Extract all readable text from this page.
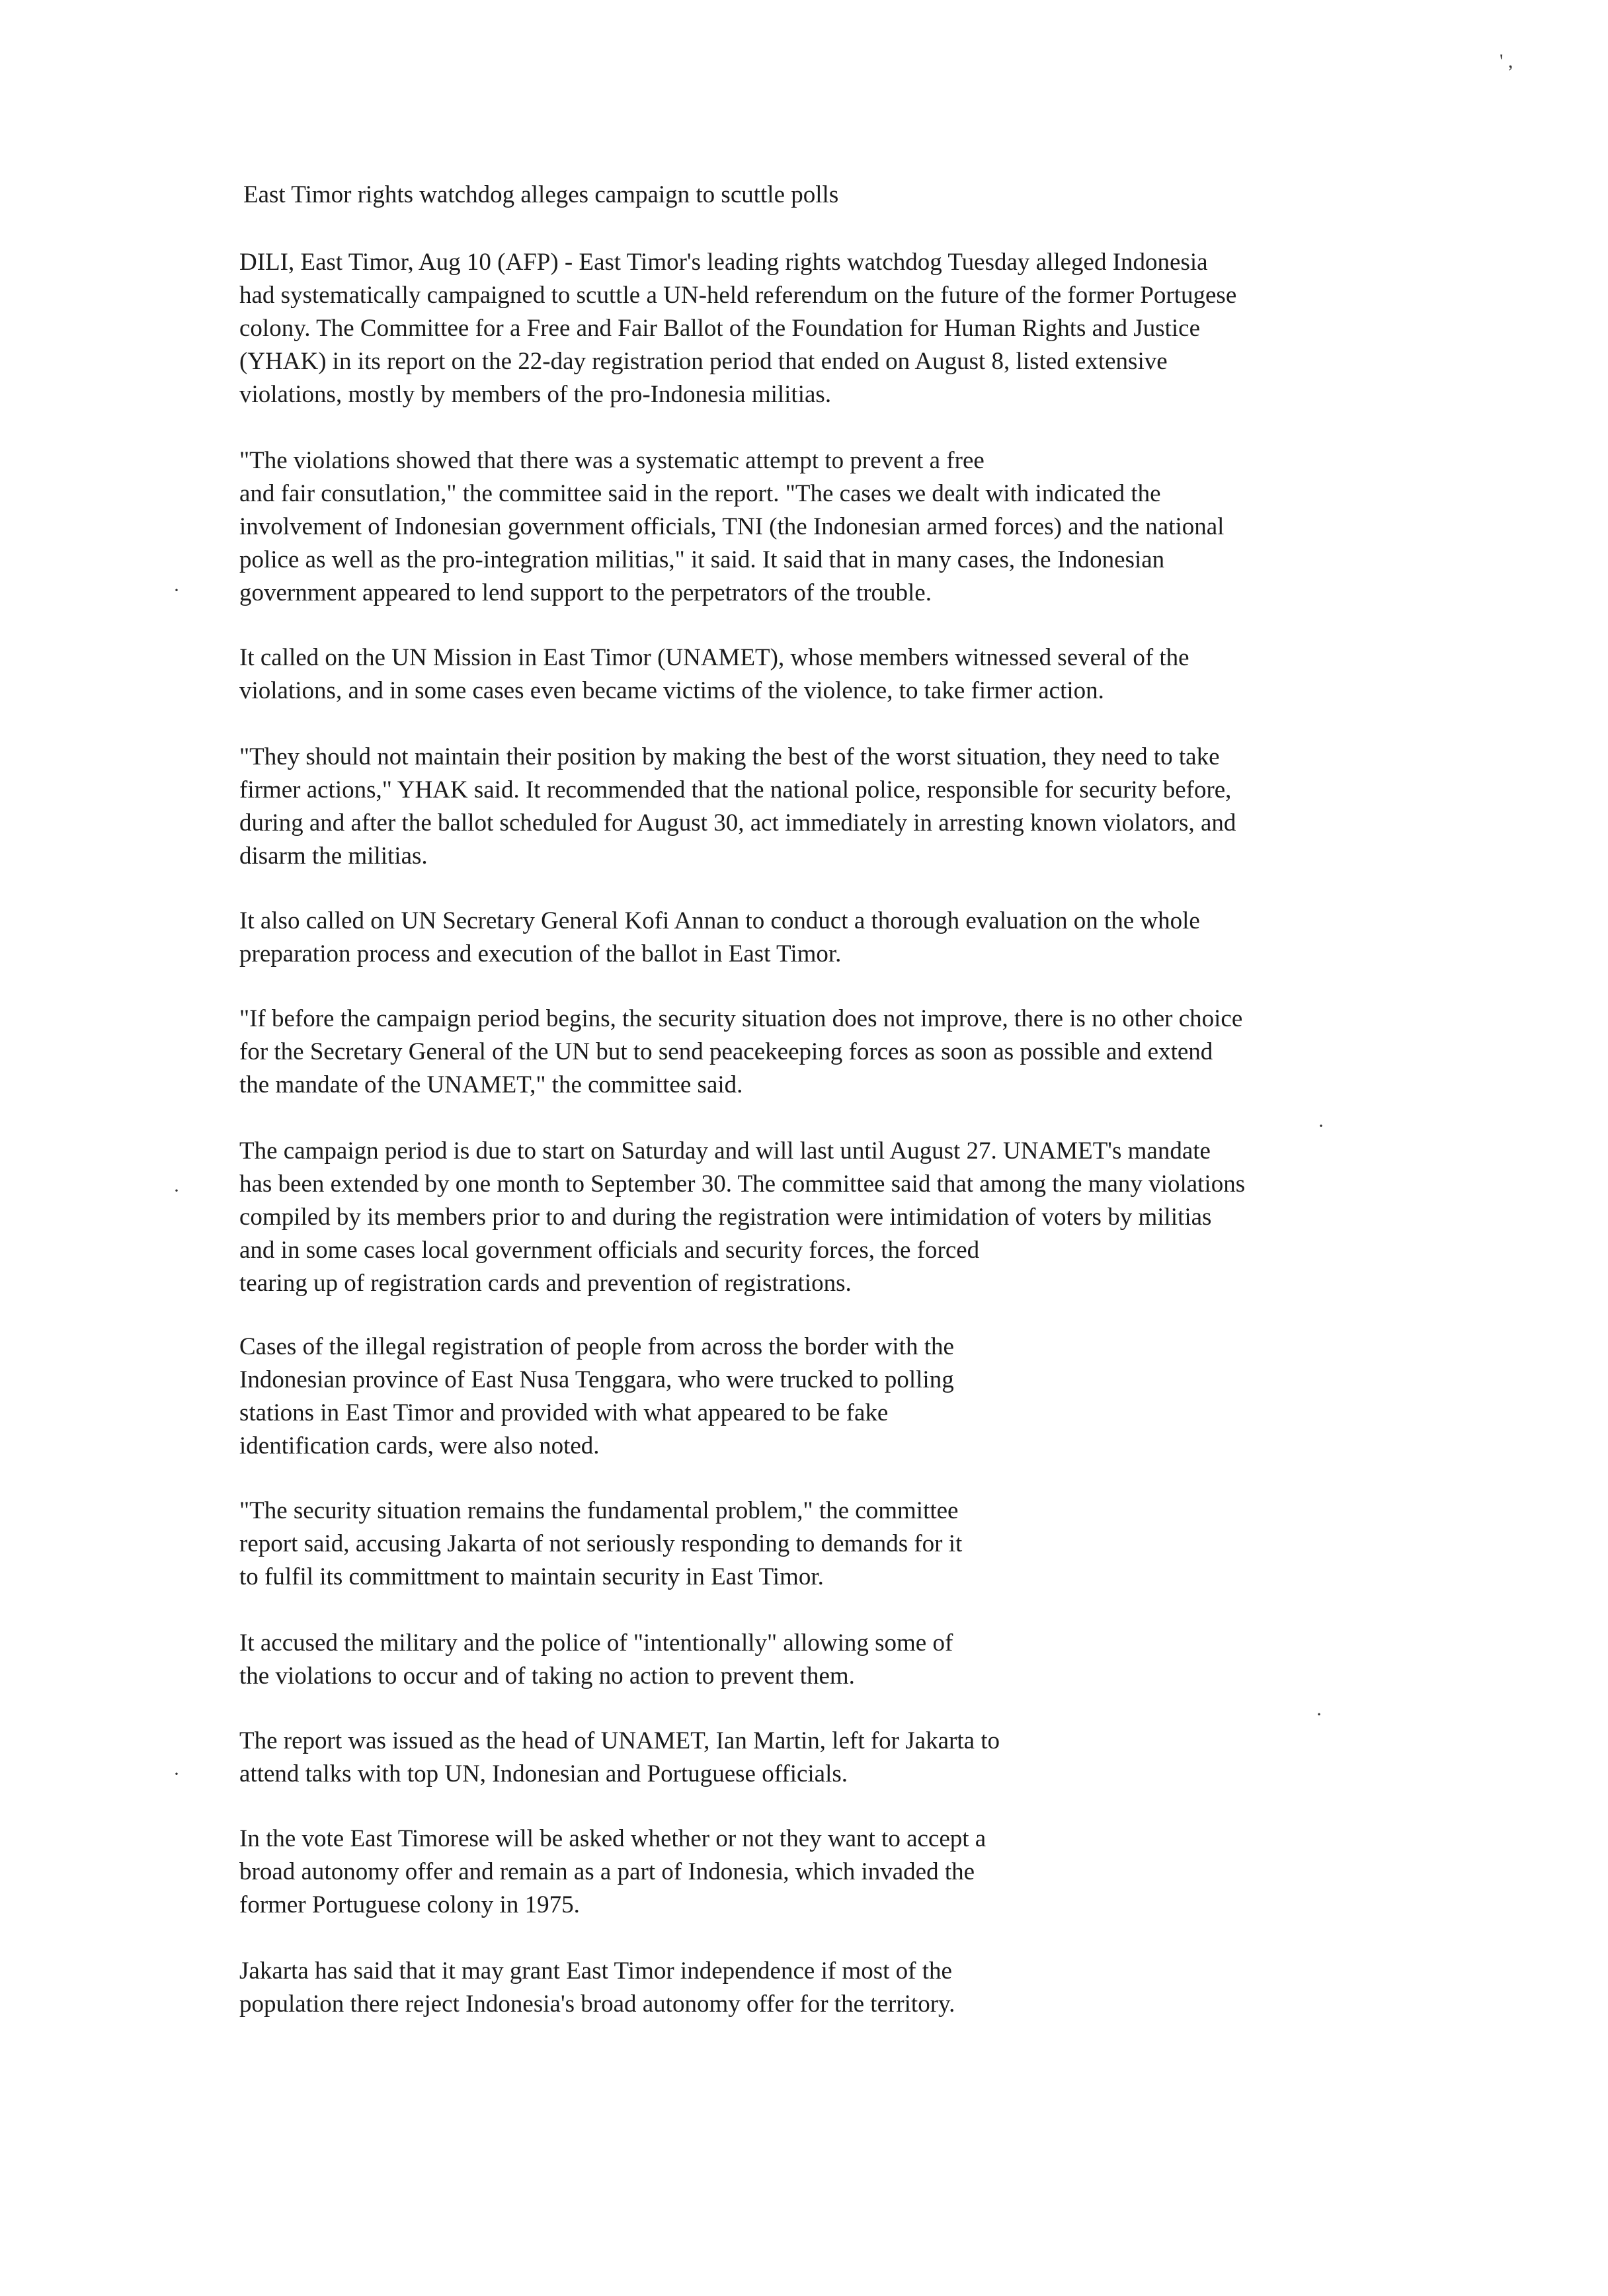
' ,
·
·
·
·
·
East Timor rights watchdog alleges campaign to scuttle polls
DILI, East Timor, Aug 10 (AFP) - East Timor's leading rights watchdog Tuesday alleged Indonesia
had systematically campaigned to scuttle a UN-held referendum on the future of the former Portugese
colony. The Committee for a Free and Fair Ballot of the Foundation for Human Rights and Justice
(YHAK) in its report on the 22-day registration period that ended on August 8, listed extensive
violations, mostly by members of the pro-Indonesia militias.
"The violations showed that there was a systematic attempt to prevent a free
and fair consutlation," the committee said in the report. "The cases we dealt with indicated the
involvement of Indonesian government officials, TNI (the Indonesian armed forces) and the national
police as well as the pro-integration militias," it said. It said that in many cases, the Indonesian
government appeared to lend support to the perpetrators of the trouble.
It called on the UN Mission in East Timor (UNAMET), whose members witnessed several of the
violations, and in some cases even became victims of the violence, to take firmer action.
"They should not maintain their position by making the best of the worst situation, they need to take
firmer actions," YHAK said. It recommended that the national police, responsible for security before,
during and after the ballot scheduled for August 30, act immediately in arresting known violators, and
disarm the militias.
It also called on UN Secretary General Kofi Annan to conduct a thorough evaluation on the whole
preparation process and execution of the ballot in East Timor.
"If before the campaign period begins, the security situation does not improve, there is no other choice
for the Secretary General of the UN but to send peacekeeping forces as soon as possible and extend
the mandate of the UNAMET," the committee said.
The campaign period is due to start on Saturday and will last until August 27. UNAMET's mandate
has been extended by one month to September 30. The committee said that among the many violations
compiled by its members prior to and during the registration were intimidation of voters by militias
and in some cases local government officials and security forces, the forced
tearing up of registration cards and prevention of registrations.
Cases of the illegal registration of people from across the border with the
Indonesian province of East Nusa Tenggara, who were trucked to polling
stations in East Timor and provided with what appeared to be fake
identification cards, were also noted.
"The security situation remains the fundamental problem," the committee
report said, accusing Jakarta of not seriously responding to demands for it
to fulfil its committment to maintain security in East Timor.
It accused the military and the police of "intentionally" allowing some of
the violations to occur and of taking no action to prevent them.
The report was issued as the head of UNAMET, Ian Martin, left for Jakarta to
attend talks with top UN, Indonesian and Portuguese officials.
In the vote East Timorese will be asked whether or not they want to accept a
broad autonomy offer and remain as a part of Indonesia, which invaded the
former Portuguese colony in 1975.
Jakarta has said that it may grant East Timor independence if most of the
population there reject Indonesia's broad autonomy offer for the territory.
